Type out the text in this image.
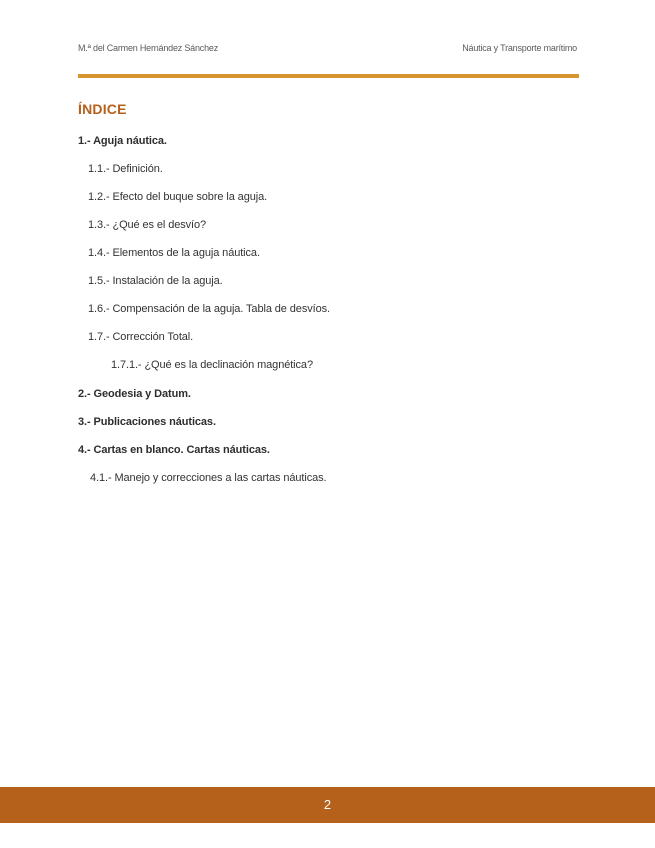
M.ª del Carmen Hernández Sánchez	Náutica y Transporte marítimo
ÍNDICE
1.- Aguja náutica.
1.1.- Definición.
1.2.- Efecto del buque sobre la aguja.
1.3.- ¿Qué es el desvío?
1.4.- Elementos de la aguja náutica.
1.5.- Instalación de la aguja.
1.6.- Compensación de la aguja. Tabla de desvíos.
1.7.- Corrección Total.
1.7.1.- ¿Qué es la declinación magnética?
2.- Geodesia y Datum.
3.- Publicaciones náuticas.
4.- Cartas en blanco. Cartas náuticas.
4.1.- Manejo y correcciones a las cartas náuticas.
2
